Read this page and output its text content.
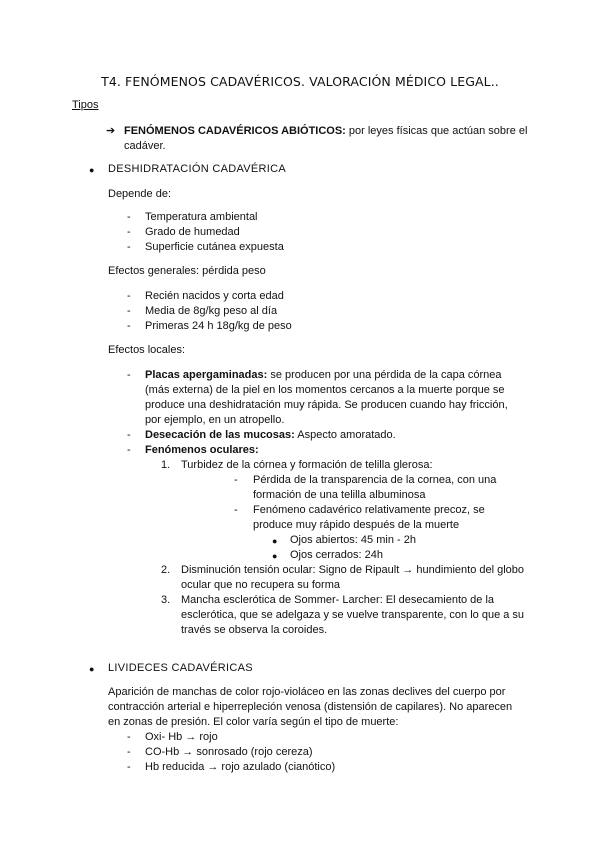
T4. FENÓMENOS CADAVÉRICOS. VALORACIÓN MÉDICO LEGAL..
Tipos
➔ FENÓMENOS CADAVÉRICOS ABIÓTICOS: por leyes físicas que actúan sobre el
cadáver.
● DESHIDRATACIÓN CADAVÉRICA
Depende de:
- Temperatura ambiental
- Grado de humedad
- Superficie cutánea expuesta
Efectos generales: pérdida peso
- Recién nacidos y corta edad
- Media de 8g/kg peso al día
- Primeras 24 h 18g/kg de peso
Efectos locales:
- Placas apergaminadas: se producen por una pérdida de la capa córnea
(más externa) de la piel en los momentos cercanos a la muerte porque se
produce una deshidratación muy rápida. Se producen cuando hay fricción,
por ejemplo, en un atropello.
- Desecación de las mucosas: Aspecto amoratado.
- Fenómenos oculares:
1. Turbidez de la córnea y formación de telilla glerosa:
- Pérdida de la transparencia de la cornea, con una
formación de una telilla albuminosa
- Fenómeno cadavérico relativamente precoz, se
produce muy rápido después de la muerte
● Ojos abiertos: 45 min - 2h
● Ojos cerrados: 24h
2. Disminución tensión ocular: Signo de Ripault → hundimiento del globo
ocular que no recupera su forma
3. Mancha esclerótica de Sommer- Larcher: El desecamiento de la
esclerótica, que se adelgaza y se vuelve transparente, con lo que a su
través se observa la coroides.
● LIVIDECES CADAVÉRICAS
Aparición de manchas de color rojo-violáceo en las zonas declives del cuerpo por
contracción arterial e hiperrepleción venosa (distensión de capilares). No aparecen
en zonas de presión. El color varía según el tipo de muerte:
- Oxi- Hb → rojo
- CO-Hb → sonrosado (rojo cereza)
- Hb reducida → rojo azulado (cianótico)
